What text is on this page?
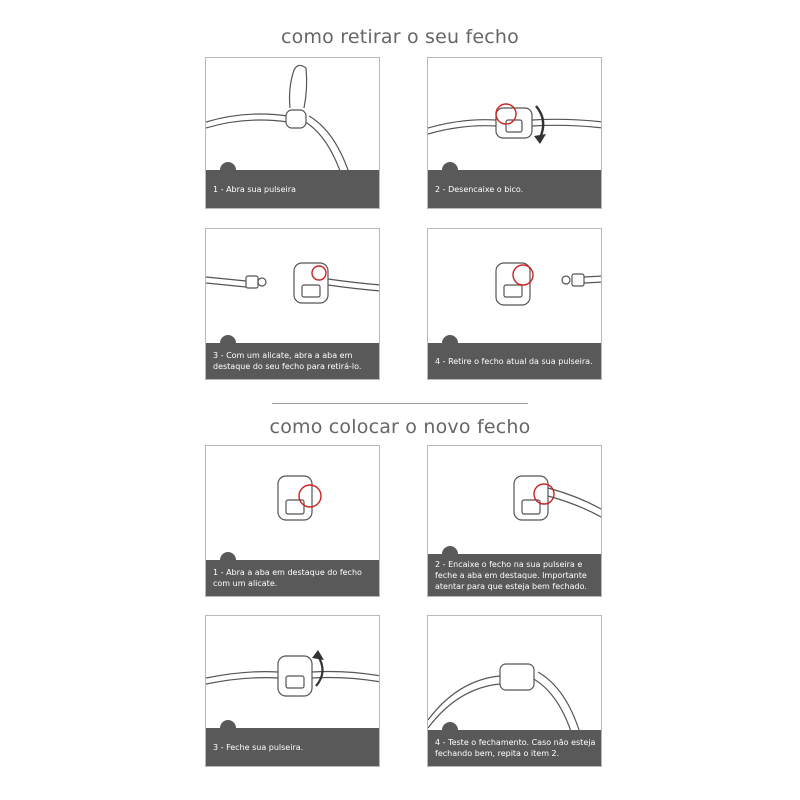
como retirar o seu fecho
1 - Abra sua pulseira	2 - Desencaixe o bico.
3 - Com um alicate, abra a aba em destaque do seu fecho para retirá-lo.
4 - Retire o fecho atual da sua pulseira.
como colocar o novo fecho
1 - Abra a aba em destaque do fecho com um alicate.
2 - Encaixe o fecho na sua pulseira e feche a aba em destaque. Importante atentar para que esteja bem fechado.
3 - Feche sua pulseira.	4 - Teste o fechamento. Caso não esteja fechando bem, repita o item 2.
